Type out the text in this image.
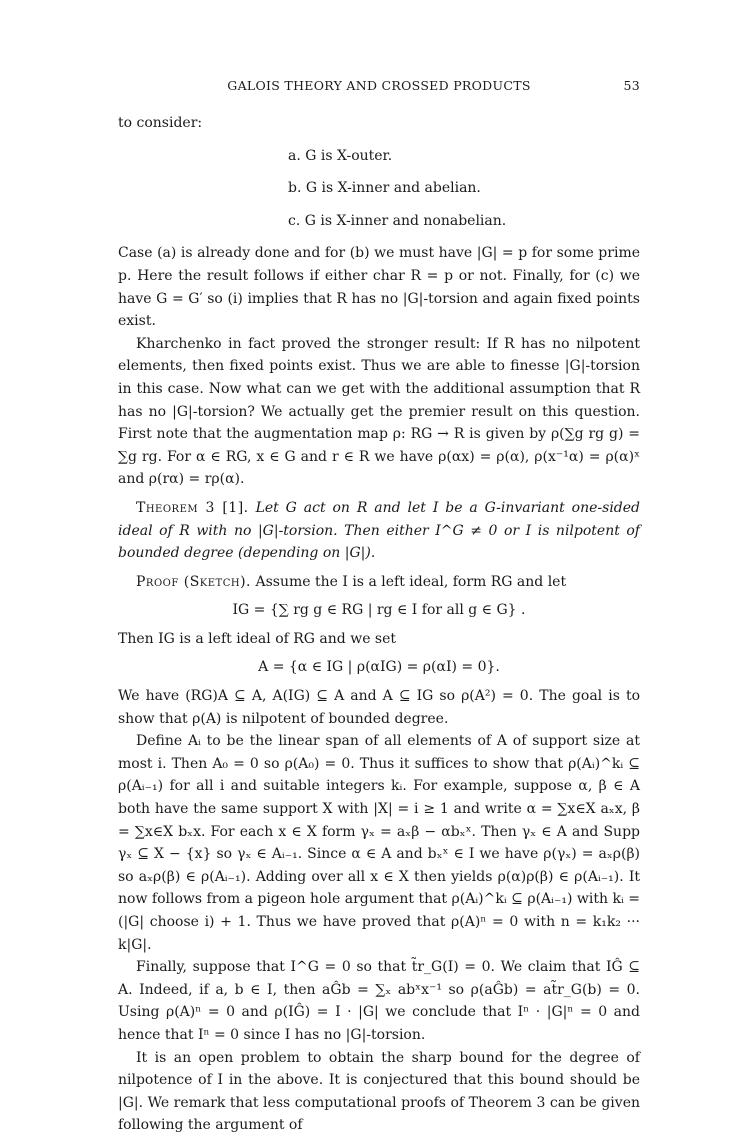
GALOIS THEORY AND CROSSED PRODUCTS	53

to consider:

a. G is X-outer.

b. G is X-inner and abelian.

c. G is X-inner and nonabelian.

Case (a) is already done and for (b) we must have |G| = p for some prime p. Here the result follows if either char R = p or not. Finally, for (c) we have G = G′ so (i) implies that R has no |G|-torsion and again fixed points exist.

Kharchenko in fact proved the stronger result: If R has no nilpotent elements, then fixed points exist. Thus we are able to finesse |G|-torsion in this case. Now what can we get with the additional assumption that R has no |G|-torsion? We actually get the premier result on this question. First note that the augmentation map ρ: RG → R is given by ρ(∑g rg g) = ∑g rg. For α ∈ RG, x ∈ G and r ∈ R we have ρ(αx) = ρ(α), ρ(x⁻¹α) = ρ(α)ˣ and ρ(rα) = rρ(α).

Theorem 3 [1]. Let G act on R and let I be a G-invariant one-sided ideal of R with no |G|-torsion. Then either I^G ≠ 0 or I is nilpotent of bounded degree (depending on |G|).

Proof (Sketch). Assume the I is a left ideal, form RG and let

IG = {∑ rg g ∈ RG | rg ∈ I for all g ∈ G} .

Then IG is a left ideal of RG and we set

A = {α ∈ IG | ρ(αIG) = ρ(αI) = 0}.

We have (RG)A ⊆ A, A(IG) ⊆ A and A ⊆ IG so ρ(A²) = 0. The goal is to show that ρ(A) is nilpotent of bounded degree.

Define Aᵢ to be the linear span of all elements of A of support size at most i. Then A₀ = 0 so ρ(A₀) = 0. Thus it suffices to show that ρ(Aᵢ)^kᵢ ⊆ ρ(Aᵢ₋₁) for all i and suitable integers kᵢ. For example, suppose α, β ∈ A both have the same support X with |X| = i ≥ 1 and write α = ∑x∈X aₓx, β = ∑x∈X bₓx. For each x ∈ X form γₓ = aₓβ − αbₓˣ. Then γₓ ∈ A and Supp γₓ ⊆ X − {x} so γₓ ∈ Aᵢ₋₁. Since α ∈ A and bₓˣ ∈ I we have ρ(γₓ) = aₓρ(β) so aₓρ(β) ∈ ρ(Aᵢ₋₁). Adding over all x ∈ X then yields ρ(α)ρ(β) ∈ ρ(Aᵢ₋₁). It now follows from a pigeon hole argument that ρ(Aᵢ)^kᵢ ⊆ ρ(Aᵢ₋₁) with kᵢ = (|G| choose i) + 1. Thus we have proved that ρ(A)ⁿ = 0 with n = k₁k₂ ··· k|G|.

Finally, suppose that I^G = 0 so that t̃r_G(I) = 0. We claim that IĜ ⊆ A. Indeed, if a, b ∈ I, then aĜb = ∑ₓ abˣx⁻¹ so ρ(aĜb) = at̃r_G(b) = 0. Using ρ(A)ⁿ = 0 and ρ(IĜ) = I · |G| we conclude that Iⁿ · |G|ⁿ = 0 and hence that Iⁿ = 0 since I has no |G|-torsion.

It is an open problem to obtain the sharp bound for the degree of nilpotence of I in the above. It is conjectured that this bound should be |G|. We remark that less computational proofs of Theorem 3 can be given following the argument of
